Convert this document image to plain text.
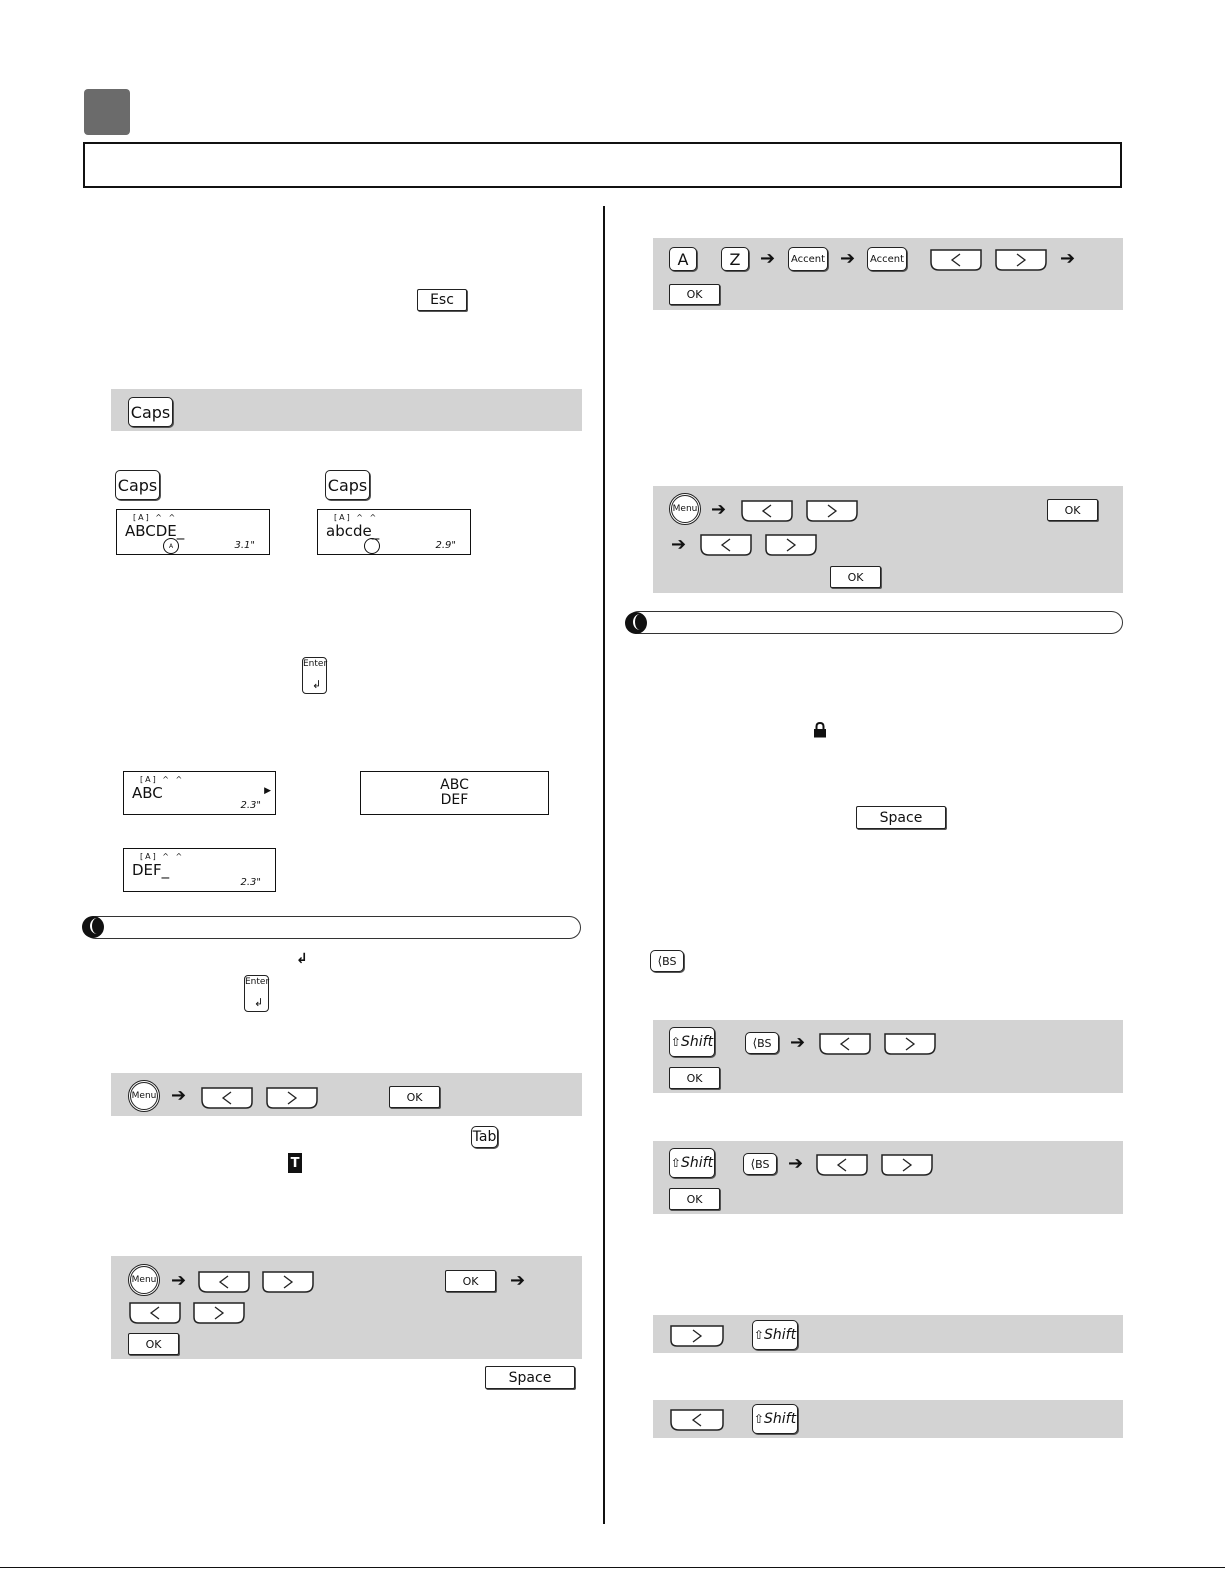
Esc
Caps
Caps	Caps
[A] ^ ^
ABCDE_
A	3.1"
[A] ^ ^
abcde_
2.9"
Enter
↲
[A] ^ ^
ABC	▶
2.3"
ABC
DEF
[A] ^ ^
DEF_
2.3"
↲
Enter
↲
Menu ➔	OK
Tab
T
Menu ➔	OK ➔
OK
Space
A	Z ➔ Accent ➔ Accent	➔
OK
Menu ➔	OK
➔
OK
Space
⟨ BS
⇧ Shift	⟨ BS ➔
OK
⇧ Shift	⟨ BS ➔
OK
⇧ Shift
⇧ Shift
